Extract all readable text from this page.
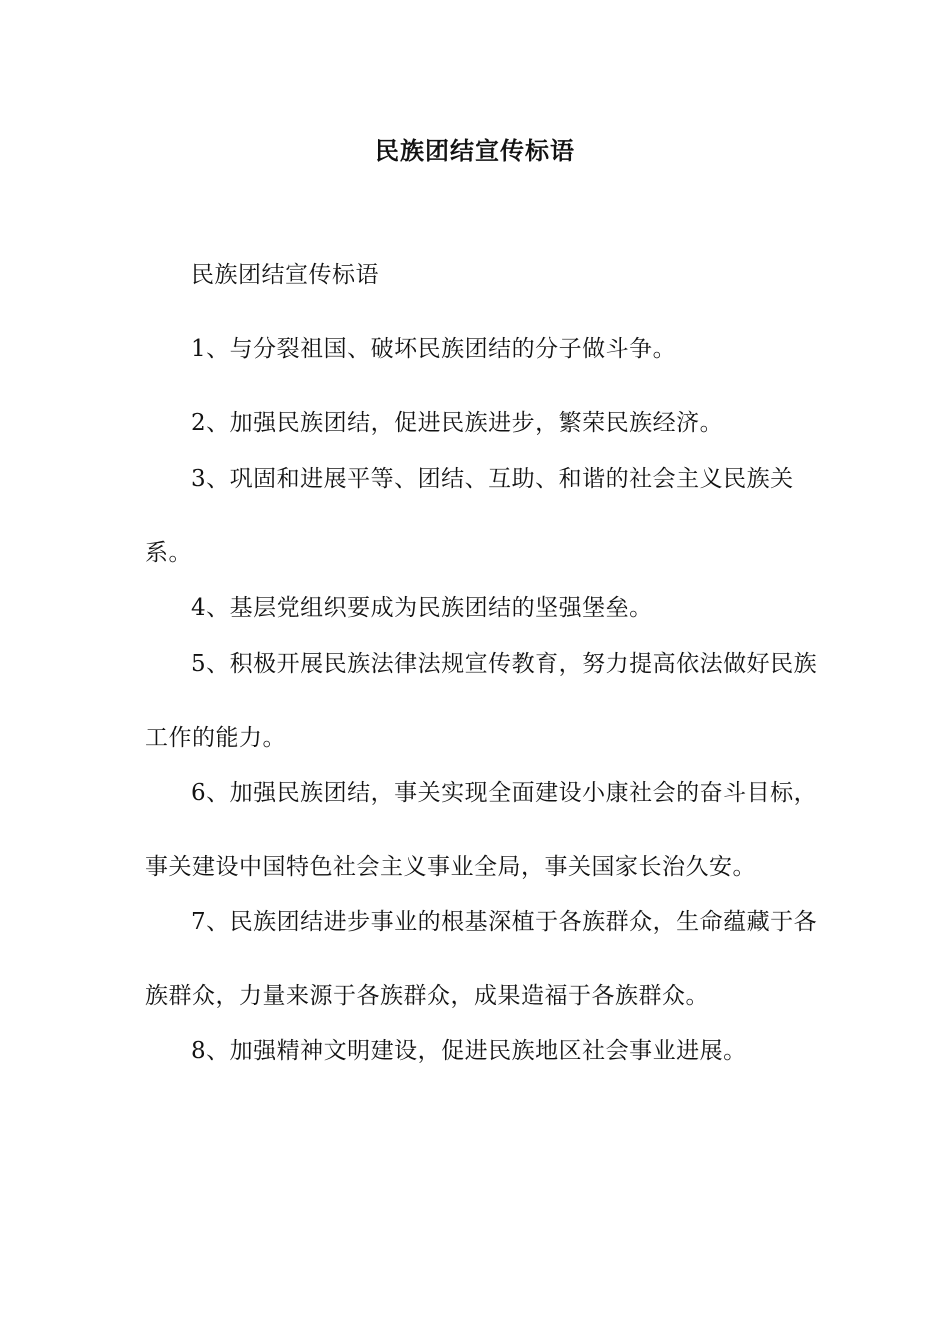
民族团结宣传标语

民族团结宣传标语

1、与分裂祖国、破坏民族团结的分子做斗争。

2、加强民族团结，促进民族进步，繁荣民族经济。

3、巩固和进展平等、团结、互助、和谐的社会主义民族关系。

4、基层党组织要成为民族团结的坚强堡垒。

5、积极开展民族法律法规宣传教育，努力提高依法做好民族工作的能力。

6、加强民族团结，事关实现全面建设小康社会的奋斗目标，事关建设中国特色社会主义事业全局，事关国家长治久安。

7、民族团结进步事业的根基深植于各族群众，生命蕴藏于各族群众，力量来源于各族群众，成果造福于各族群众。

8、加强精神文明建设，促进民族地区社会事业进展。
